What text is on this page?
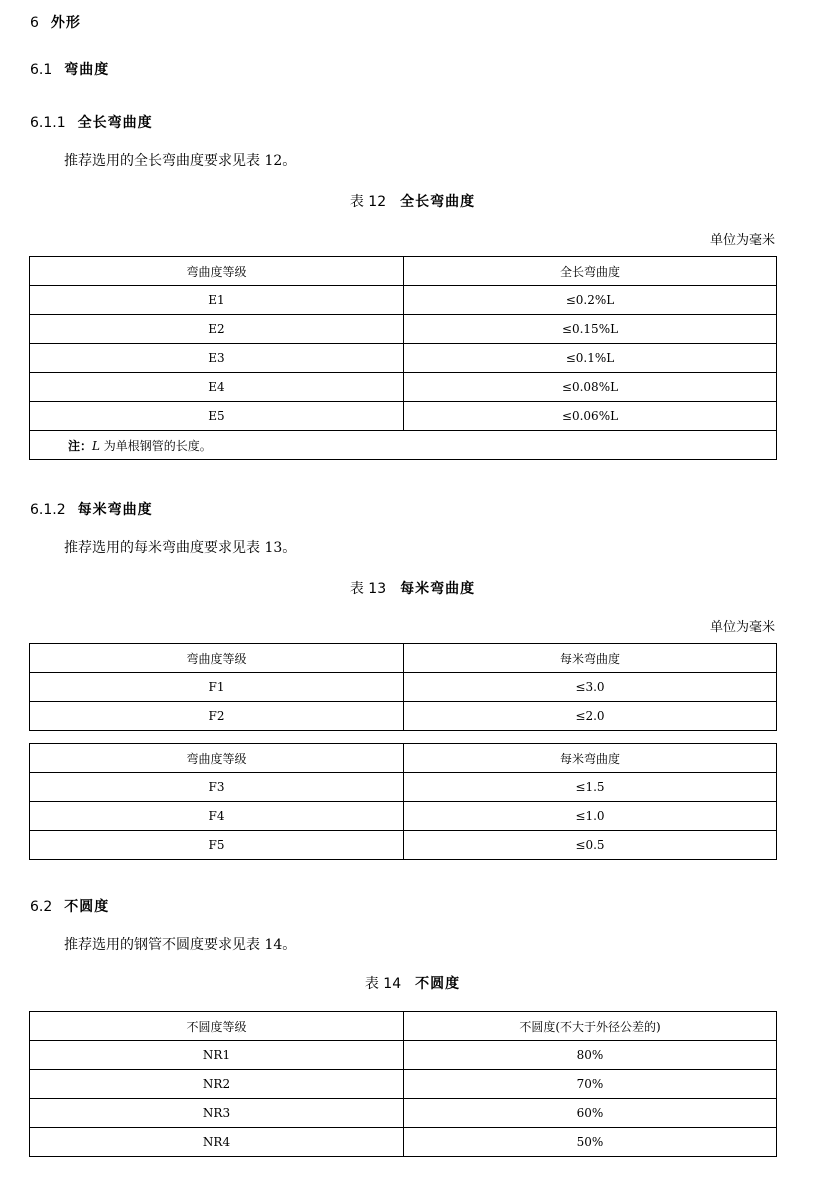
6 外形
6.1 弯曲度
6.1.1 全长弯曲度
推荐选用的全长弯曲度要求见表 12。
表 12 全长弯曲度
单位为毫米
弯曲度等级	全长弯曲度
E1	≤0.2%L
E2	≤0.15%L
E3	≤0.1%L
E4	≤0.08%L
E5	≤0.06%L
注：L 为单根钢管的长度。	
6.1.2 每米弯曲度
推荐选用的每米弯曲度要求见表 13。
表 13 每米弯曲度
单位为毫米
弯曲度等级	每米弯曲度
F1	≤3.0
F2	≤2.0
弯曲度等级	每米弯曲度
F3	≤1.5
F4	≤1.0
F5	≤0.5
6.2 不圆度
推荐选用的钢管不圆度要求见表 14。
表 14 不圆度
不圆度等级	不圆度(不大于外径公差的)
NR1	80%
NR2	70%
NR3	60%
NR4	50%
